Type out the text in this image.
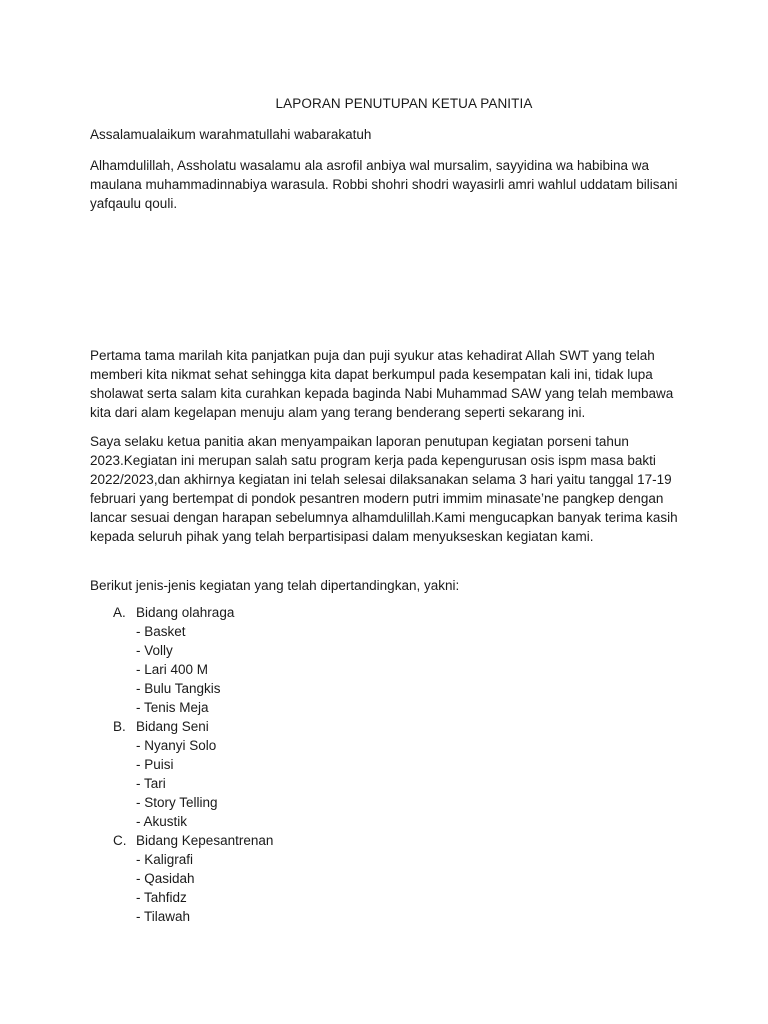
LAPORAN PENUTUPAN KETUA PANITIA

Assalamualaikum warahmatullahi wabarakatuh

Alhamdulillah, Assholatu wasalamu ala asrofil anbiya wal mursalim, sayyidina wa habibina wa maulana muhammadinnabiya warasula. Robbi shohri shodri wayasirli amri wahlul uddatam bilisani yafqaulu qouli.

Pertama tama marilah kita panjatkan puja dan puji syukur atas kehadirat Allah SWT yang telah memberi kita nikmat sehat sehingga kita dapat berkumpul pada kesempatan kali ini, tidak lupa sholawat serta salam kita curahkan kepada baginda Nabi Muhammad SAW yang telah membawa kita dari alam kegelapan menuju alam yang terang benderang seperti sekarang ini.

Saya selaku ketua panitia akan menyampaikan laporan penutupan kegiatan porseni tahun 2023.Kegiatan ini merupan salah satu program kerja pada kepengurusan osis ispm masa bakti 2022/2023,dan akhirnya kegiatan ini telah selesai dilaksanakan selama 3 hari yaitu tanggal 17-19 februari yang bertempat di pondok pesantren modern putri immim minasate’ne pangkep dengan lancar sesuai dengan harapan sebelumnya alhamdulillah.Kami mengucapkan banyak terima kasih kepada seluruh pihak yang telah berpartisipasi dalam menyukseskan kegiatan kami.

Berikut jenis-jenis kegiatan yang telah dipertandingkan, yakni:

A. Bidang olahraga
- Basket
- Volly
- Lari 400 M
- Bulu Tangkis
- Tenis Meja
B. Bidang Seni
- Nyanyi Solo
- Puisi
- Tari
- Story Telling
- Akustik
C. Bidang Kepesantrenan
- Kaligrafi
- Qasidah
- Tahfidz
- Tilawah
